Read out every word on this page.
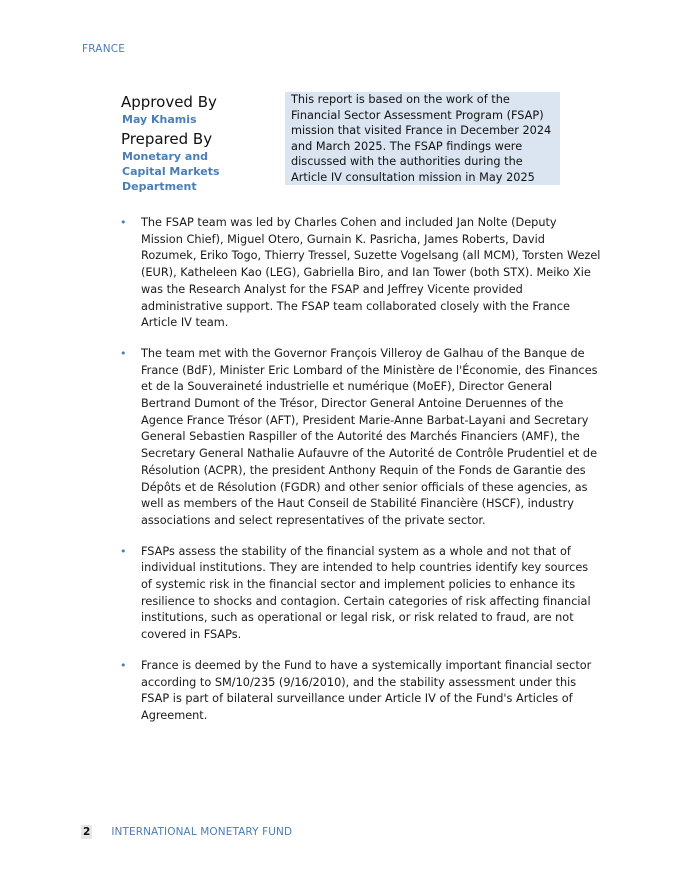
FRANCE
Approved By
May Khamis
Prepared By
Monetary and Capital Markets Department
This report is based on the work of the Financial Sector Assessment Program (FSAP) mission that visited France in December 2024 and March 2025. The FSAP findings were discussed with the authorities during the Article IV consultation mission in May 2025
• The FSAP team was led by Charles Cohen and included Jan Nolte (Deputy Mission Chief), Miguel Otero, Gurnain K. Pasricha, James Roberts, David Rozumek, Eriko Togo, Thierry Tressel, Suzette Vogelsang (all MCM), Torsten Wezel (EUR), Katheleen Kao (LEG), Gabriella Biro, and Ian Tower (both STX). Meiko Xie was the Research Analyst for the FSAP and Jeffrey Vicente provided administrative support. The FSAP team collaborated closely with the France Article IV team.
• The team met with the Governor François Villeroy de Galhau of the Banque de France (BdF), Minister Eric Lombard of the Ministère de l'Économie, des Finances et de la Souveraineté industrielle et numérique (MoEF), Director General Bertrand Dumont of the Trésor, Director General Antoine Deruennes of the Agence France Trésor (AFT), President Marie-Anne Barbat-Layani and Secretary General Sebastien Raspiller of the Autorité des Marchés Financiers (AMF), the Secretary General Nathalie Aufauvre of the Autorité de Contrôle Prudentiel et de Résolution (ACPR), the president Anthony Requin of the Fonds de Garantie des Dépôts et de Résolution (FGDR) and other senior officials of these agencies, as well as members of the Haut Conseil de Stabilité Financière (HSCF), industry associations and select representatives of the private sector.
• FSAPs assess the stability of the financial system as a whole and not that of individual institutions. They are intended to help countries identify key sources of systemic risk in the financial sector and implement policies to enhance its resilience to shocks and contagion. Certain categories of risk affecting financial institutions, such as operational or legal risk, or risk related to fraud, are not covered in FSAPs.
• France is deemed by the Fund to have a systemically important financial sector according to SM/10/235 (9/16/2010), and the stability assessment under this FSAP is part of bilateral surveillance under Article IV of the Fund's Articles of Agreement.
2 INTERNATIONAL MONETARY FUND
